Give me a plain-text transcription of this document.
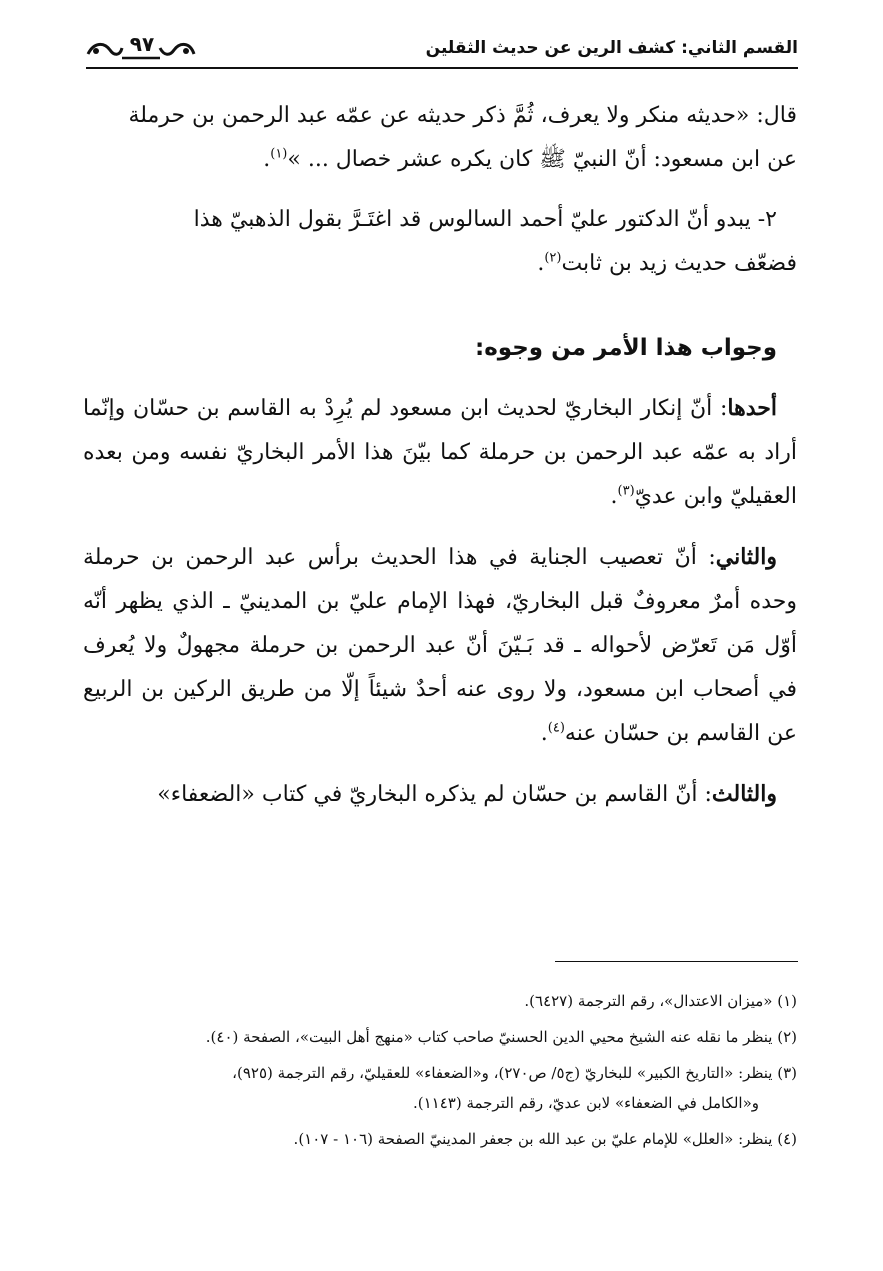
القسم الثاني: كشف الرين عن حديث الثقلين
٩٧

قال: «حديثه منكر ولا يعرف، ثُمَّ ذكر حديثه عن عمّه عبد الرحمن بن حرملة
عن ابن مسعود: أنّ النبيّ ﷺ كان يكره عشر خصال ... »$^{(١)}$.

٢- يبدو أنّ الدكتور عليّ أحمد السالوس قد اغتَـرَّ بقول الذهبيّ هذا
فضعّف حديث زيد بن ثابت$^{(٢)}$.

وجواب هذا الأمر من وجوه:

أحدها: أنّ إنكار البخاريّ لحديث ابن مسعود لم يُرِدْ به القاسم بن حسّان وإنّما أراد به عمّه عبد الرحمن بن حرملة كما بيّنَ هذا الأمر البخاريّ نفسه ومن بعده العقيليّ وابن عديّ$^{(٣)}$.

والثاني: أنّ تعصيب الجناية في هذا الحديث برأس عبد الرحمن بن حرملة وحده أمرٌ معروفٌ قبل البخاريّ، فهذا الإمام عليّ بن المدينيّ ـ الذي يظهر أنّه أوّل مَن تَعرّض لأحواله ـ قد بَـيّنَ أنّ عبد الرحمن بن حرملة مجهولٌ ولا يُعرف في أصحاب ابن مسعود، ولا روى عنه أحدٌ شيئاً إلّا من طريق الركين بن الربيع عن القاسم بن حسّان عنه$^{(٤)}$.

والثالث: أنّ القاسم بن حسّان لم يذكره البخاريّ في كتاب «الضعفاء»

(١) «ميزان الاعتدال»، رقم الترجمة (٦٤٢٧).

(٢) ينظر ما نقله عنه الشيخ محيي الدين الحسنيّ صاحب كتاب «منهج أهل البيت»، الصفحة (٤٠).

(٣) ينظر: «التاريخ الكبير» للبخاريّ (ج٥/ ص٢٧٠)، و«الضعفاء» للعقيليّ، رقم الترجمة (٩٢٥)،

و«الكامل في الضعفاء» لابن عديّ، رقم الترجمة (١١٤٣).

(٤) ينظر: «العلل» للإمام عليّ بن عبد الله بن جعفر المدينيّ الصفحة (١٠٦ - ١٠٧).
